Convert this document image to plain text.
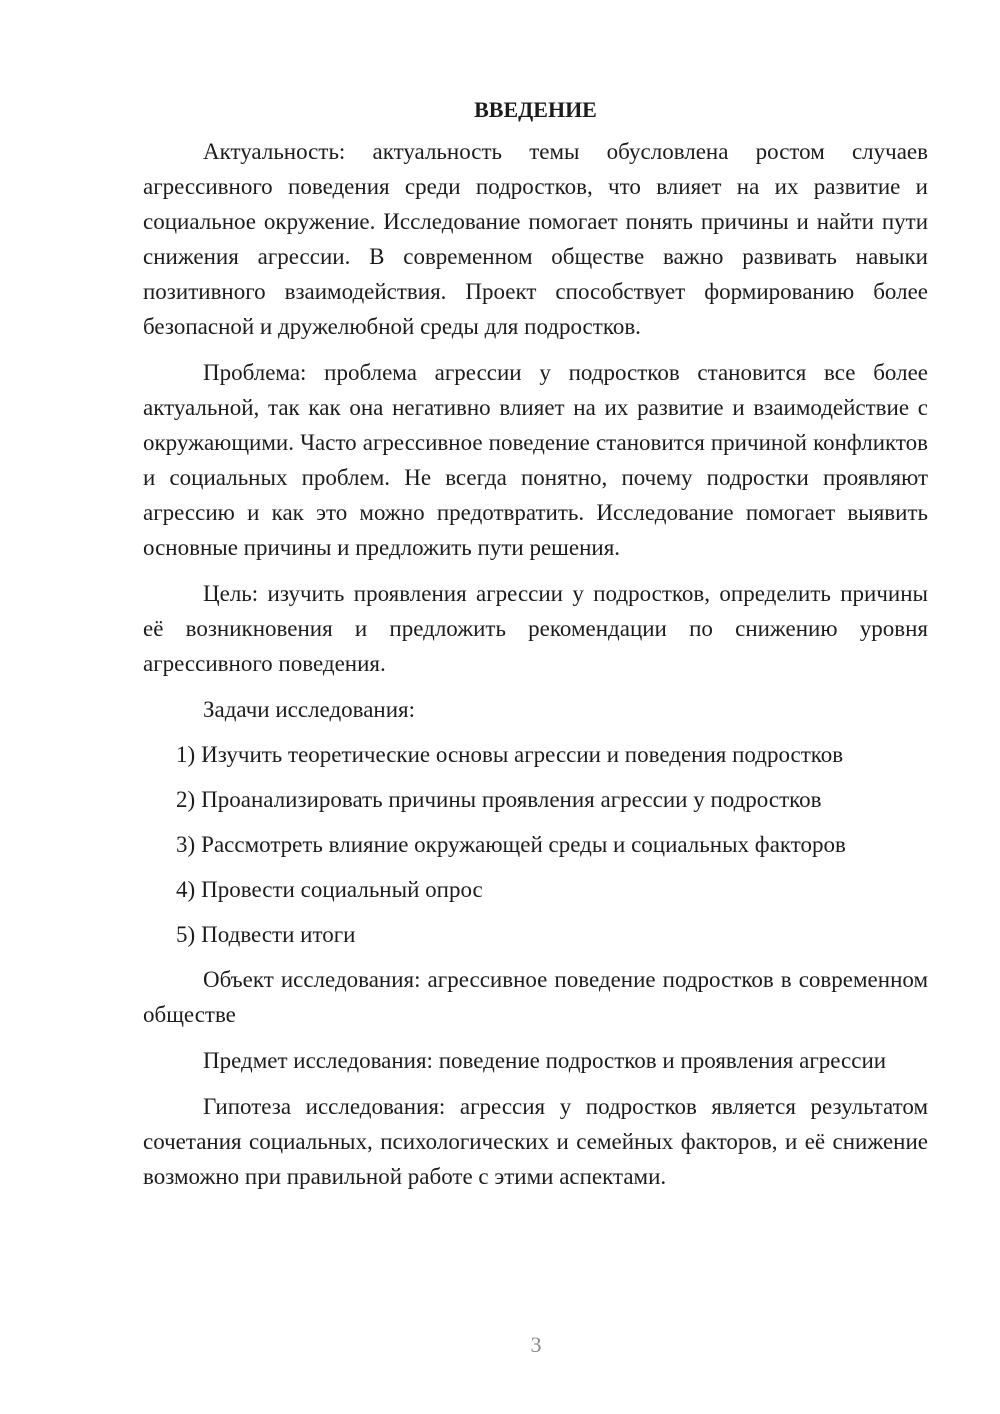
ВВЕДЕНИЕ

Актуальность: актуальность темы обусловлена ростом случаев агрессивного поведения среди подростков, что влияет на их развитие и социальное окружение. Исследование помогает понять причины и найти пути снижения агрессии. В современном обществе важно развивать навыки позитивного взаимодействия. Проект способствует формированию более безопасной и дружелюбной среды для подростков.

Проблема: проблема агрессии у подростков становится все более актуальной, так как она негативно влияет на их развитие и взаимодействие с окружающими. Часто агрессивное поведение становится причиной конфликтов и социальных проблем. Не всегда понятно, почему подростки проявляют агрессию и как это можно предотвратить. Исследование помогает выявить основные причины и предложить пути решения.

Цель: изучить проявления агрессии у подростков, определить причины её возникновения и предложить рекомендации по снижению уровня агрессивного поведения.

Задачи исследования:

1) Изучить теоретические основы агрессии и поведения подростков
2) Проанализировать причины проявления агрессии у подростков
3) Рассмотреть влияние окружающей среды и социальных факторов
4) Провести социальный опрос
5) Подвести итоги

Объект исследования: агрессивное поведение подростков в современном обществе

Предмет исследования: поведение подростков и проявления агрессии

Гипотеза исследования: агрессия у подростков является результатом сочетания социальных, психологических и семейных факторов, и её снижение возможно при правильной работе с этими аспектами.

3
